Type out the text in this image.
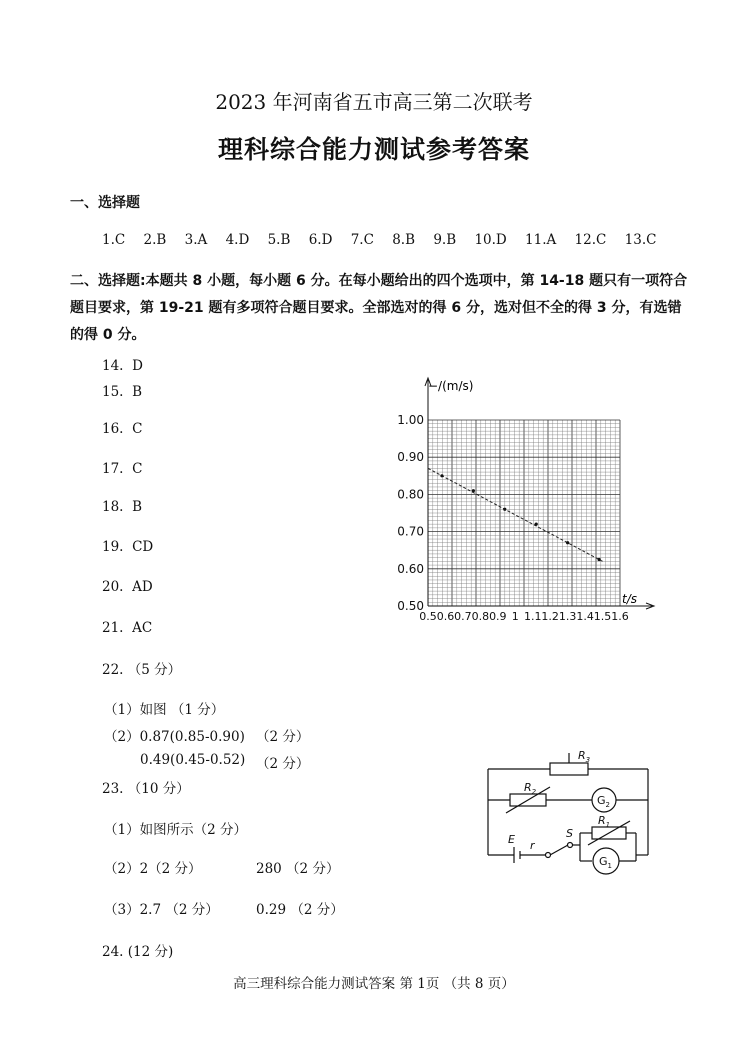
2023 年河南省五市高三第二次联考
理科综合能力测试参考答案
一、选择题
1.C 2.B 3.A 4.D 5.B 6.D 7.C 8.B 9.B 10.D 11.A 12.C 13.C
二、选择题:本题共 8 小题，每小题 6 分。在每小题给出的四个选项中，第 14-18 题只有一项符合题目要求，第 19-21 题有多项符合题目要求。全部选对的得 6 分，选对但不全的得 3 分，有选错的得 0 分。
14. D
15. B
16. C
17. C
18. B
19. CD
20. AD
21. AC
22. （5 分）
（1）如图 （1 分）
（2）0.87(0.85-0.90) （2 分）
0.49(0.45-0.52) （2 分）
23. （10 分）
（1）如图所示（2 分）
（2）2（2 分）	280 （2 分）
（3）2.7 （2 分）	0.29 （2 分）
24. (12 分)
高三理科综合能力测试答案 第 1页 （共 8 页）
0.50
0.60
0.70
0.80
0.90
1.00
0.5 0.6 0.7 0.8 0.9 1 1.1 1.2 1.3 1.4 1.5 1.6
−/(m/s)
t/s
$R_3$
$R_2$
$R_1$
$G_2$
$G_1$
E r
S
